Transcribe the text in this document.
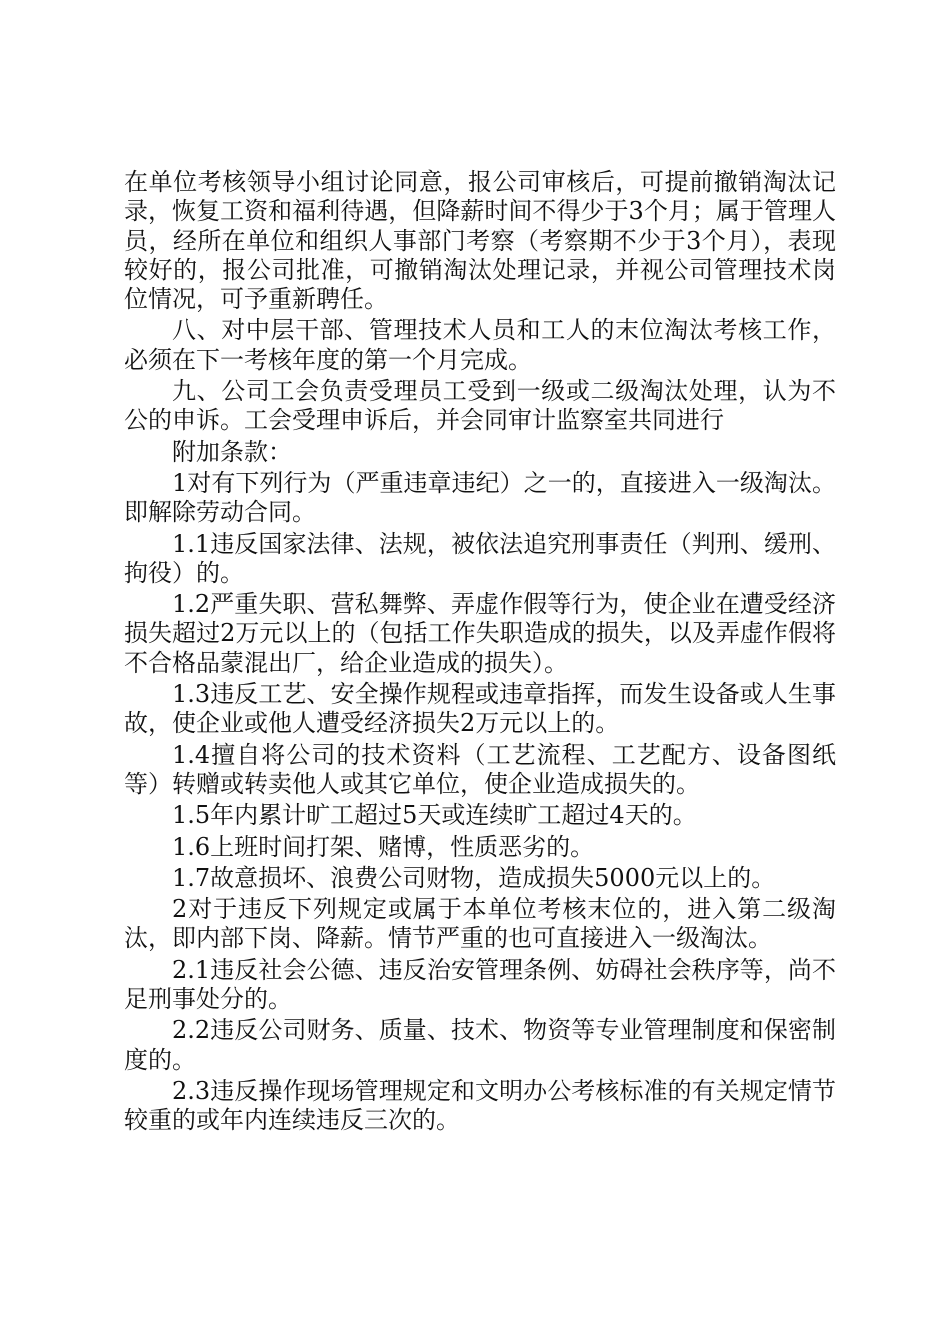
在单位考核领导小组讨论同意，报公司审核后，可提前撤销淘汰记录，恢复工资和福利待遇，但降薪时间不得少于3个月；属于管理人员，经所在单位和组织人事部门考察（考察期不少于3个月），表现较好的，报公司批准，可撤销淘汰处理记录，并视公司管理技术岗位情况，可予重新聘任。

八、对中层干部、管理技术人员和工人的末位淘汰考核工作，必须在下一考核年度的第一个月完成。

九、公司工会负责受理员工受到一级或二级淘汰处理，认为不公的申诉。工会受理申诉后，并会同审计监察室共同进行

附加条款：

1对有下列行为（严重违章违纪）之一的，直接进入一级淘汰。即解除劳动合同。

1.1违反国家法律、法规，被依法追究刑事责任（判刑、缓刑、拘役）的。

1.2严重失职、营私舞弊、弄虚作假等行为，使企业在遭受经济损失超过2万元以上的（包括工作失职造成的损失，以及弄虚作假将不合格品蒙混出厂，给企业造成的损失）。

1.3违反工艺、安全操作规程或违章指挥，而发生设备或人生事故，使企业或他人遭受经济损失2万元以上的。

1.4擅自将公司的技术资料（工艺流程、工艺配方、设备图纸等）转赠或转卖他人或其它单位，使企业造成损失的。

1.5年内累计旷工超过5天或连续旷工超过4天的。

1.6上班时间打架、赌博，性质恶劣的。

1.7故意损坏、浪费公司财物，造成损失5000元以上的。

2对于违反下列规定或属于本单位考核末位的，进入第二级淘汰，即内部下岗、降薪。情节严重的也可直接进入一级淘汰。

2.1违反社会公德、违反治安管理条例、妨碍社会秩序等，尚不足刑事处分的。

2.2违反公司财务、质量、技术、物资等专业管理制度和保密制度的。

2.3违反操作现场管理规定和文明办公考核标准的有关规定情节较重的或年内连续违反三次的。
